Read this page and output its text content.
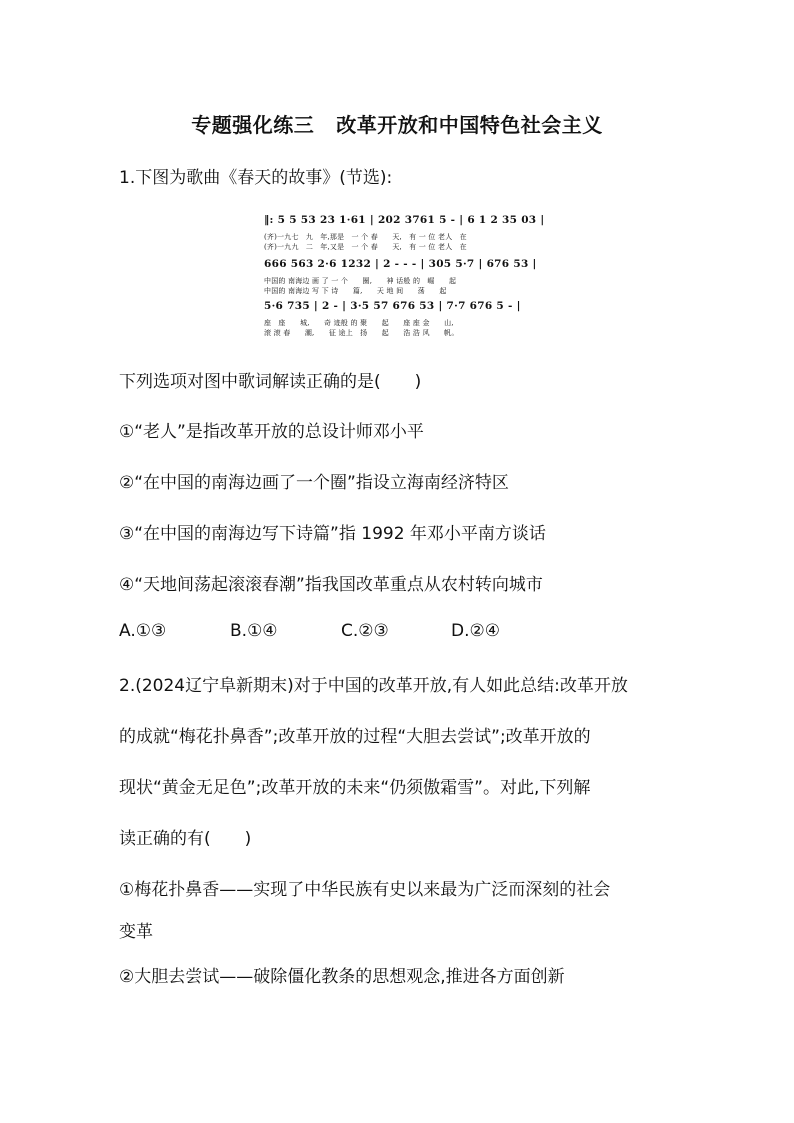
专题强化练三 改革开放和中国特色社会主义
1.下图为歌曲《春天的故事》(节选):
‖: 5 5 53 23 1·61 | 202 3761 5 - | 6 1 2 35 03 |
(齐)一九七　九　年,那是　一 个 春　　天,　有 一 位 老人　在
(齐)一九九　二　年,又是　一 个 春　　天,　有 一 位 老人　在
666 563 2·6 1232 | 2 - - - | 305 5·7 | 676 53 |
中国的 南海边 画 了 一 个　　圈,　　神 话般 的　崛　　起
中国的 南海边 写 下 诗　　篇,　　天 地 间　　荡　　起
5·6 735 | 2 - | 3·5 57 676 53 | 7·7 676 5 - |
座　座　　城,　　奇 迹般 的 聚　　起　　座 座 金　　山,
滚 滚 春　　潮,　　征 途上　扬　　起　　浩 浩 风　　帆。
下列选项对图中歌词解读正确的是(　　)
①“老人”是指改革开放的总设计师邓小平
②“在中国的南海边画了一个圈”指设立海南经济特区
③“在中国的南海边写下诗篇”指 1992 年邓小平南方谈话
④“天地间荡起滚滚春潮”指我国改革重点从农村转向城市
A.①③	B.①④	C.②③	D.②④
2.(2024辽宁阜新期末)对于中国的改革开放,有人如此总结:改革开放
的成就“梅花扑鼻香”;改革开放的过程“大胆去尝试”;改革开放的
现状“黄金无足色”;改革开放的未来“仍须傲霜雪”。对此,下列解
读正确的有(　　)
①梅花扑鼻香——实现了中华民族有史以来最为广泛而深刻的社会
变革
②大胆去尝试——破除僵化教条的思想观念,推进各方面创新
